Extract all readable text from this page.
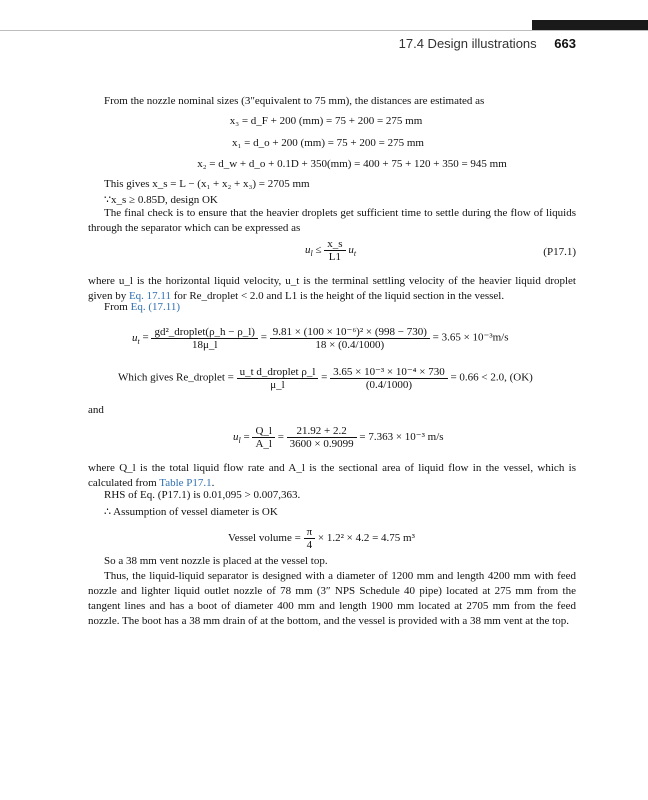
17.4 Design illustrations 663
From the nozzle nominal sizes (3″equivalent to 75 mm), the distances are estimated as
x₃ = d_F + 200 (mm) = 75 + 200 = 275 mm
x₁ = d_o + 200 (mm) = 75 + 200 = 275 mm
x₂ = d_w + d_o + 0.1D + 350(mm) = 400 + 75 + 120 + 350 = 945 mm
This gives x_s = L − (x₁ + x₂ + x₃) = 2705 mm
∵x_s ≥ 0.85D, design OK
The final check is to ensure that the heavier droplets get sufficient time to settle during the flow of liquids through the separator which can be expressed as
$u_l \le \frac{x\_s}{L1} u_t$	(P17.1)
where u_l is the horizontal liquid velocity, u_t is the terminal settling velocity of the heavier liquid droplet given by Eq. 17.11 for Re_droplet < 2.0 and L1 is the height of the liquid section in the vessel.
From Eq. (17.11)
$u_t = \frac{\text{gd²\_droplet(ρ\_h − ρ\_l)}}{18\mu\_l} = \frac{\text{9.81 × (100 × 10⁻⁶)² × (998 − 730)}}{18 \times (0.4/1000)} = 3.65 \times 10^{-3}m/s$
Which gives Re_droplet = $\frac{\text{u\_t d\_droplet ρ\_l}}{\mu\_l} = \frac{\text{3.65 × 10⁻³ × 10⁻⁴ × 730}}{(0.4/1000)} = 0.66 < 2.0$, (OK)
and
$u_l = \frac{Q\_l}{A\_l} = \frac{21.92 + 2.2}{3600 \times 0.9099} = 7.363 \times 10^{-3}$ m/s
where Q_l is the total liquid flow rate and A_l is the sectional area of liquid flow in the vessel, which is calculated from Table P17.1.
RHS of Eq. (P17.1) is 0.01,095 > 0.007,363.
∴ Assumption of vessel diameter is OK
Vessel volume = $\frac{\pi}{4} \times 1.2^2 \times 4.2 = 4.75$ m³
So a 38 mm vent nozzle is placed at the vessel top.
Thus, the liquid-liquid separator is designed with a diameter of 1200 mm and length 4200 mm with feed nozzle and lighter liquid outlet nozzle of 78 mm (3″ NPS Schedule 40 pipe) located at 275 mm from the tangent lines and has a boot of diameter 400 mm and length 1900 mm located at 2705 mm from the feed nozzle. The boot has a 38 mm drain of at the bottom, and the vessel is provided with a 38 mm vent at the top.
